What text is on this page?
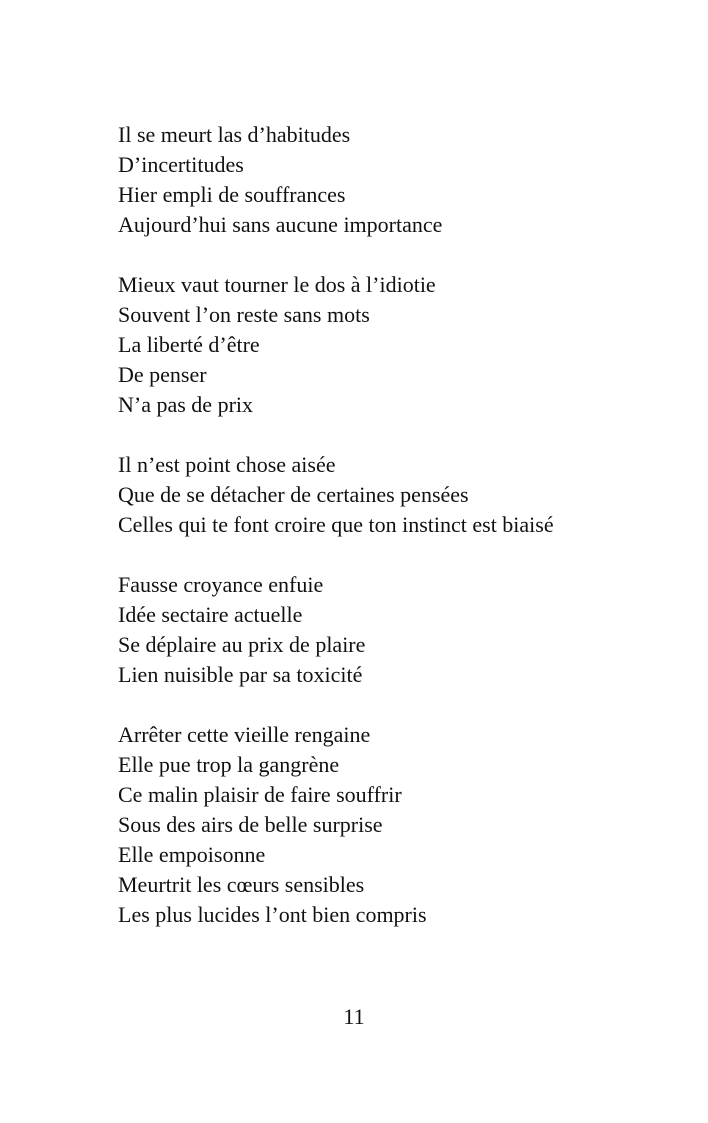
Il se meurt las d’habitudes
D’incertitudes
Hier empli de souffrances
Aujourd’hui sans aucune importance
Mieux vaut tourner le dos à l’idiotie
Souvent l’on reste sans mots
La liberté d’être
De penser
N’a pas de prix
Il n’est point chose aisée
Que de se détacher de certaines pensées
Celles qui te font croire que ton instinct est biaisé
Fausse croyance enfuie
Idée sectaire actuelle
Se déplaire au prix de plaire
Lien nuisible par sa toxicité
Arrêter cette vieille rengaine
Elle pue trop la gangrène
Ce malin plaisir de faire souffrir
Sous des airs de belle surprise
Elle empoisonne
Meurtrit les cœurs sensibles
Les plus lucides l’ont bien compris
11
